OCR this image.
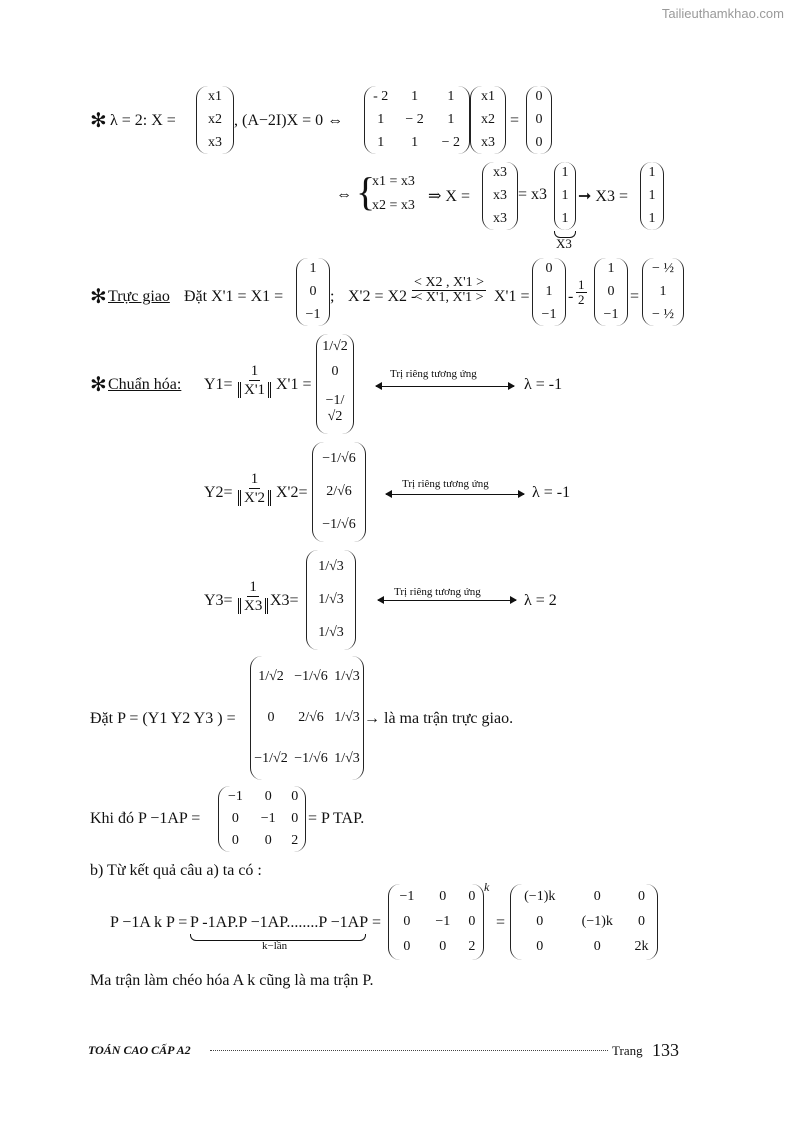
Tailieuthamkhao.com
✻ λ = 2: X =
x1
x2
x3
, (A−2I)X = 0 ⇔
- 2	1	1
1	− 2	1
1	1	− 2
x1
x2
x3
=
0
0
0
⇔ {
x1 = x3
x2 = x3
⇒ X =
x3
x3
x3
= x3
1
1
1
X3
➞ X3 =
1
1
1
✻ Trực giao Đặt X'1 = X1 =
1
0
−1
; X'2 = X2 -
$\frac{< X2 , X'1 >}{< X'1, X'1 >} X'1$ =
0
1
−1
- $\frac{1}{2}$
1
0
−1
=
− ½
1
− ½
✻ Chuẩn hóa: $Y1= \frac{1}{X'1} X'1$ =
1/√2
0
−1/√2
Trị riêng tương ứng
λ = -1
$Y2= \frac{1}{X'2} X'2=$
−1/√6
2/√6
−1/√6
Trị riêng tương ứng	λ = -1
$Y3= \frac{1}{X3} X3=$
1/√3
1/√3
1/√3
Trị riêng tương ứng	λ = 2
Đặt P = (Y1 Y2 Y3 ) =
1/√2	−1/√6	1/√3
0	2/√6	1/√3
−1/√2	−1/√6	1/√3
→ là ma trận trực giao.
Khi đó P −1AP =
−1	0	0
0	−1	0
0	0	2
= P TAP.
b) Từ kết quả câu a) ta có :
P −1A k P = P -1AP.P −1AP........P −1AP
k−lần
=
−1	0	0
0	−1	0
0	0	2
k
=
(−1)k	0	0
0	(−1)k	0
0	0	2k
Ma trận làm chéo hóa A k cũng là ma trận P.
TOÁN CAO CẤP A2	Trang 133
